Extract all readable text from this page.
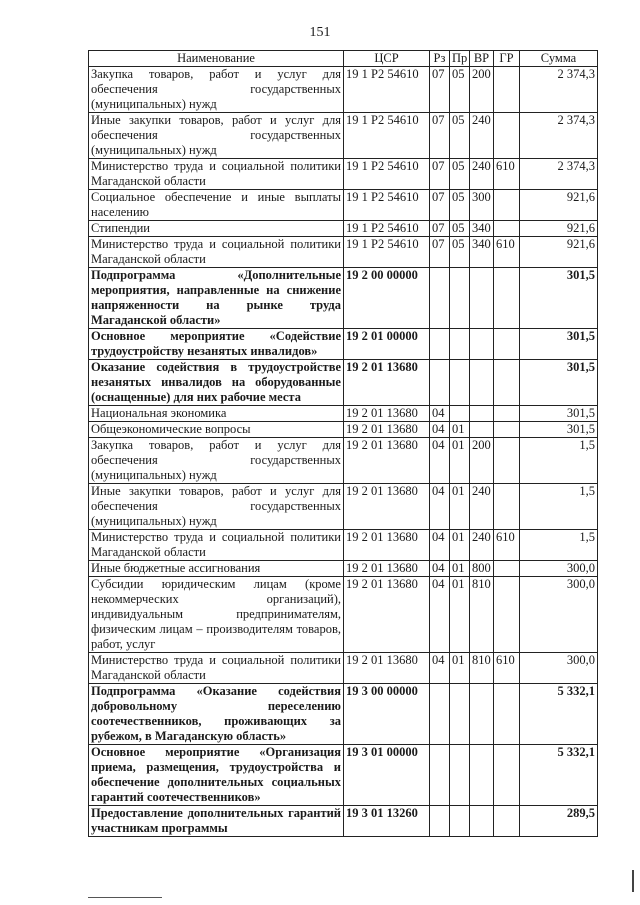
151
Наименование	ЦСР	Рз	Пр	ВР	ГР	Сумма
Закупка товаров, работ и услуг для обеспечения государственных (муниципальных) нужд	19 1 Р2 54610	07	05	200		2 374,3
Иные закупки товаров, работ и услуг для обеспечения государственных (муниципальных) нужд	19 1 Р2 54610	07	05	240		2 374,3
Министерство труда и социальной политики Магаданской области	19 1 Р2 54610	07	05	240	610	2 374,3
Социальное обеспечение и иные выплаты населению	19 1 Р2 54610	07	05	300		921,6
Стипендии	19 1 Р2 54610	07	05	340		921,6
Министерство труда и социальной политики Магаданской области	19 1 Р2 54610	07	05	340	610	921,6
Подпрограмма «Дополнительные мероприятия, направленные на снижение напряженности на рынке труда Магаданской области»	19 2 00 00000					301,5
Основное мероприятие «Содействие трудоустройству незанятых инвалидов»	19 2 01 00000					301,5
Оказание содействия в трудоустройстве незанятых инвалидов на оборудованные (оснащенные) для них рабочие места	19 2 01 13680					301,5
Национальная экономика	19 2 01 13680	04				301,5
Общеэкономические вопросы	19 2 01 13680	04	01			301,5
Закупка товаров, работ и услуг для обеспечения государственных (муниципальных) нужд	19 2 01 13680	04	01	200		1,5
Иные закупки товаров, работ и услуг для обеспечения государственных (муниципальных) нужд	19 2 01 13680	04	01	240		1,5
Министерство труда и социальной политики Магаданской области	19 2 01 13680	04	01	240	610	1,5
Иные бюджетные ассигнования	19 2 01 13680	04	01	800		300,0
Субсидии юридическим лицам (кроме некоммерческих организаций), индивидуальным предпринимателям, физическим лицам – производителям товаров, работ, услуг	19 2 01 13680	04	01	810		300,0
Министерство труда и социальной политики Магаданской области	19 2 01 13680	04	01	810	610	300,0
Подпрограмма «Оказание содействия добровольному переселению соотечественников, проживающих за рубежом, в Магаданскую область»	19 3 00 00000					5 332,1
Основное мероприятие «Организация приема, размещения, трудоустройства и обеспечение дополнительных социальных гарантий соотечественников»	19 3 01 00000					5 332,1
Предоставление дополнительных гарантий участникам программы	19 3 01 13260					289,5
